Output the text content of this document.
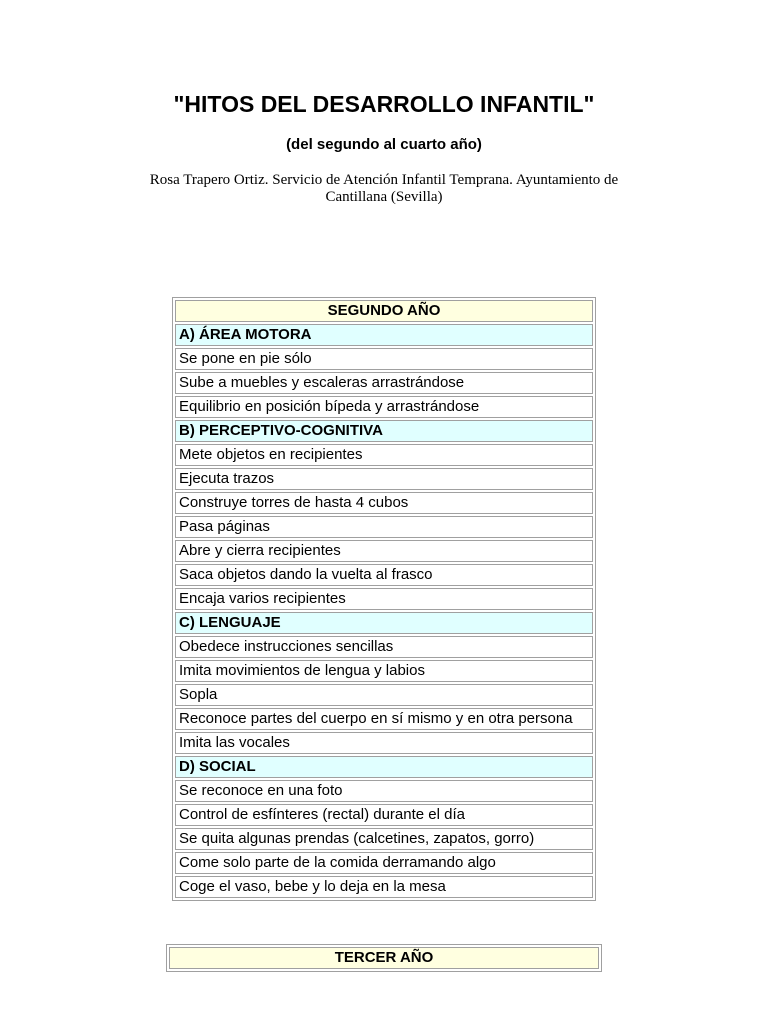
"HITOS DEL DESARROLLO INFANTIL"
(del segundo al cuarto año)
Rosa Trapero Ortiz. Servicio de Atención Infantil Temprana. Ayuntamiento de
Cantillana (Sevilla)
SEGUNDO AÑO
A) ÁREA MOTORA
Se pone en pie sólo
Sube a muebles y escaleras arrastrándose
Equilibrio en posición bípeda y arrastrándose
B) PERCEPTIVO-COGNITIVA
Mete objetos en recipientes
Ejecuta trazos
Construye torres de hasta 4 cubos
Pasa páginas
Abre y cierra recipientes
Saca objetos dando la vuelta al frasco
Encaja varios recipientes
C) LENGUAJE
Obedece instrucciones sencillas
Imita movimientos de lengua y labios
Sopla
Reconoce partes del cuerpo en sí mismo y en otra persona
Imita las vocales
D) SOCIAL
Se reconoce en una foto
Control de esfínteres (rectal) durante el día
Se quita algunas prendas (calcetines, zapatos, gorro)
Come solo parte de la comida derramando algo
Coge el vaso, bebe y lo deja en la mesa
TERCER AÑO
